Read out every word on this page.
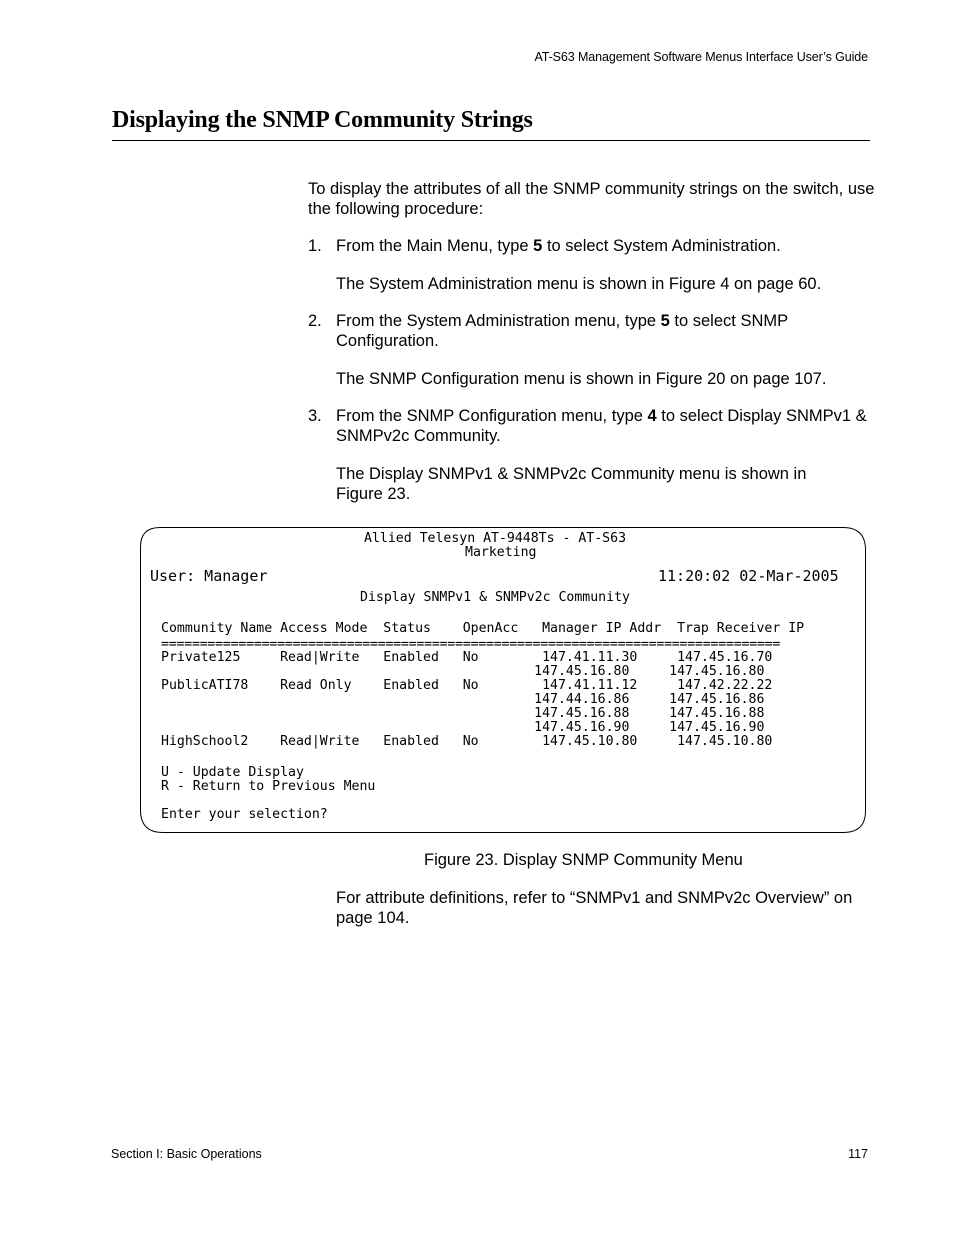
AT-S63 Management Software Menus Interface User’s Guide
Displaying the SNMP Community Strings
To display the attributes of all the SNMP community strings on the switch, use the following procedure:
1. From the Main Menu, type 5 to select System Administration.
The System Administration menu is shown in Figure 4 on page 60.
2. From the System Administration menu, type 5 to select SNMP Configuration.
The SNMP Configuration menu is shown in Figure 20 on page 107.
3. From the SNMP Configuration menu, type 4 to select Display SNMPv1 & SNMPv2c Community.
The Display SNMPv1 & SNMPv2c Community menu is shown in Figure 23.
Allied Telesyn AT-9448Ts - AT-S63
Marketing
User: Manager	11:20:02 02-Mar-2005
Display SNMPv1 & SNMPv2c Community
Community Name Access Mode  Status    OpenAcc   Manager IP Addr  Trap Receiver IP
================================================================================
Private125     Read|Write   Enabled   No        147.41.11.30     147.45.16.70
147.45.16.80     147.45.16.80
PublicATI78    Read Only    Enabled   No        147.41.11.12     147.42.22.22
147.44.16.86     147.45.16.86
147.45.16.88     147.45.16.88
147.45.16.90     147.45.16.90
HighSchool2    Read|Write   Enabled   No        147.45.10.80     147.45.10.80
U - Update Display
R - Return to Previous Menu
Enter your selection?
Figure 23. Display SNMP Community Menu
For attribute definitions, refer to “SNMPv1 and SNMPv2c Overview” on page 104.
Section I: Basic Operations	117
